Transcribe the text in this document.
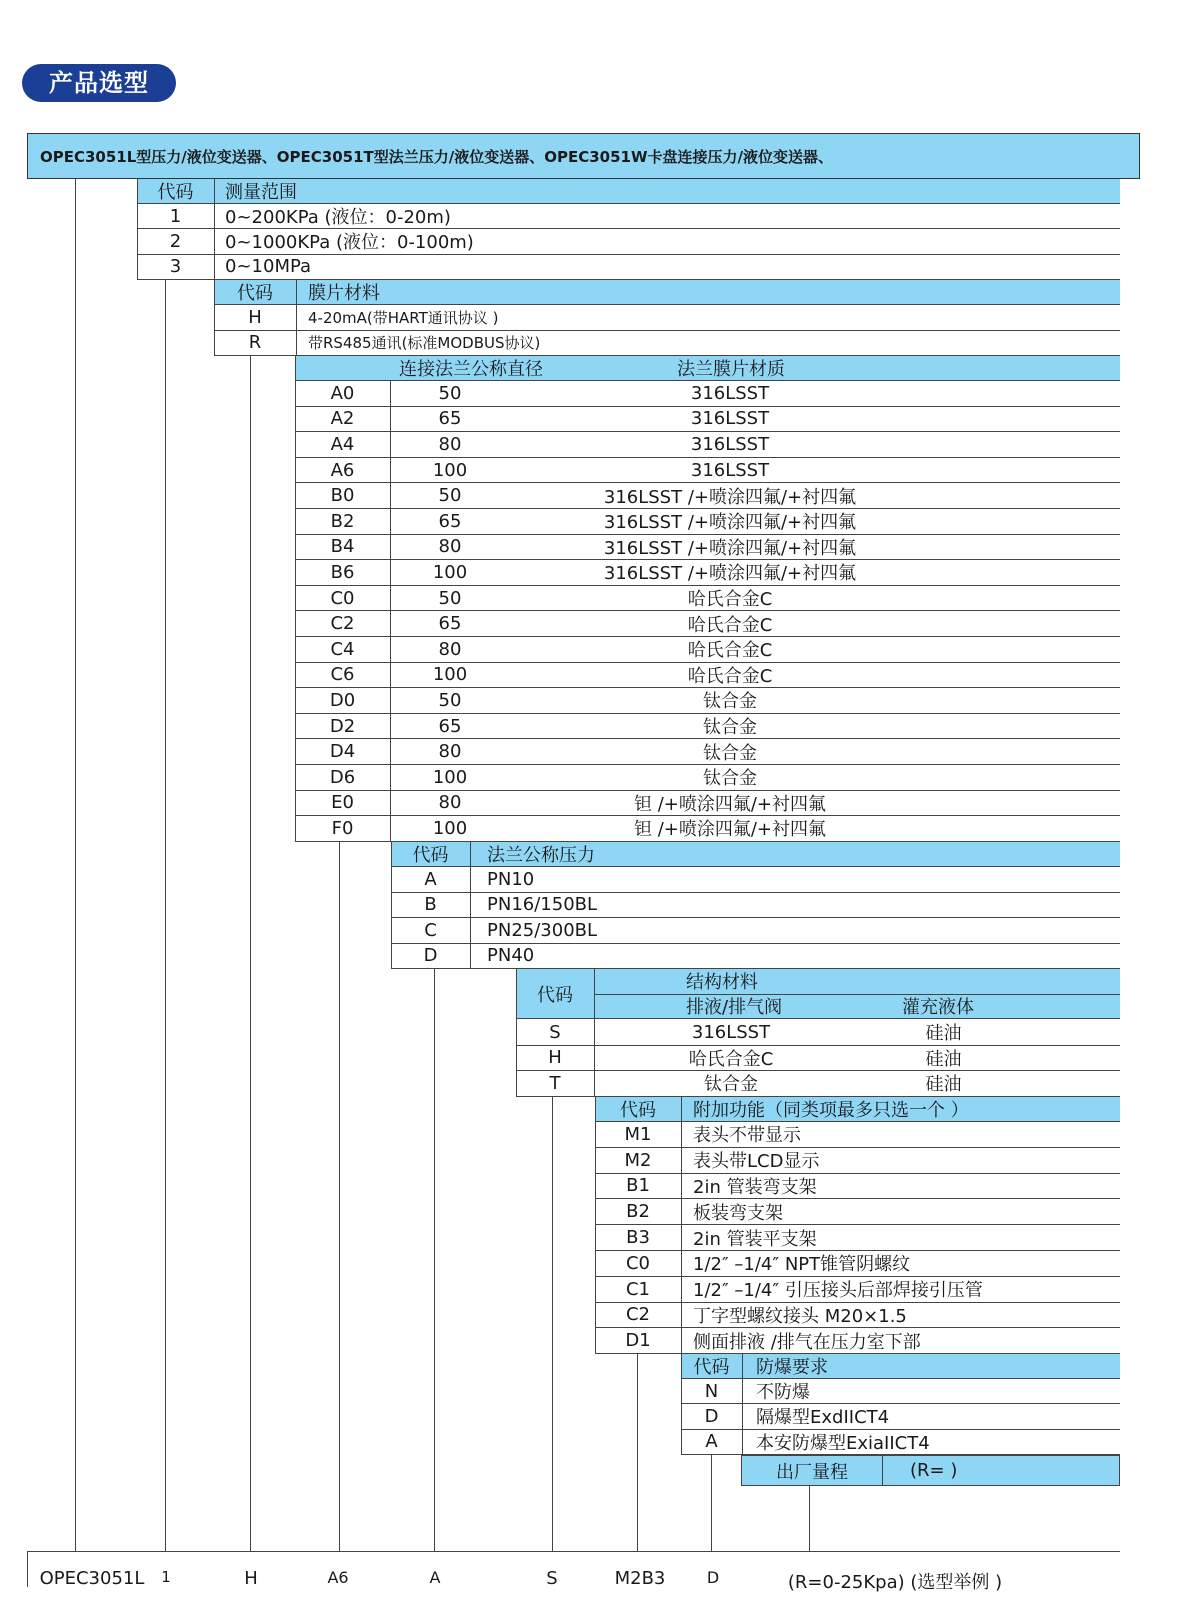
产品选型
OPEC3051L型压力/液位变送器、OPEC3051T型法兰压力/液位变送器、OPEC3051W卡盘连接压力/液位变送器、
代码	测量范围
1	0~200KPa (液位：0-20m)
2	0~1000KPa (液位：0-100m)
3	0~10MPa
代码	膜片材料
H	4-20mA(带HART通讯协议 )
R	带RS485通讯(标准MODBUS协议)
连接法兰公称直径	法兰膜片材质
A0	50	316LSST
A2	65	316LSST
A4	80	316LSST
A6	100	316LSST
B0	50	316LSST /+喷涂四氟/+衬四氟
B2	65	316LSST /+喷涂四氟/+衬四氟
B4	80	316LSST /+喷涂四氟/+衬四氟
B6	100	316LSST /+喷涂四氟/+衬四氟
C0	50	哈氏合金C
C2	65	哈氏合金C
C4	80	哈氏合金C
C6	100	哈氏合金C
D0	50	钛合金
D2	65	钛合金
D4	80	钛合金
D6	100	钛合金
E0	80	钽 /+喷涂四氟/+衬四氟
F0	100	钽 /+喷涂四氟/+衬四氟
代码	法兰公称压力
A	PN10
B	PN16/150BL
C	PN25/300BL
D	PN40
代码
结构材料
排液/排气阀	灌充液体
S	316LSST	硅油
H	哈氏合金C	硅油
T	钛合金	硅油
代码	附加功能（同类项最多只选一个 ）
M1	表头不带显示
M2	表头带LCD显示
B1	2in 管装弯支架
B2	板装弯支架
B3	2in 管装平支架
C0	1/2″ –1/4″ NPT锥管阴螺纹
C1	1/2″ –1/4″ 引压接头后部焊接引压管
C2	丁字型螺纹接头 M20×1.5
D1	侧面排液 /排气在压力室下部
代码	防爆要求
N	不防爆
D	隔爆型ExdIICT4
A	本安防爆型ExiaIICT4
出厂量程	(R= )
OPEC3051L 1	H	A6	A	S	M2B3	D	(R=0-25Kpa) (选型举例 )
